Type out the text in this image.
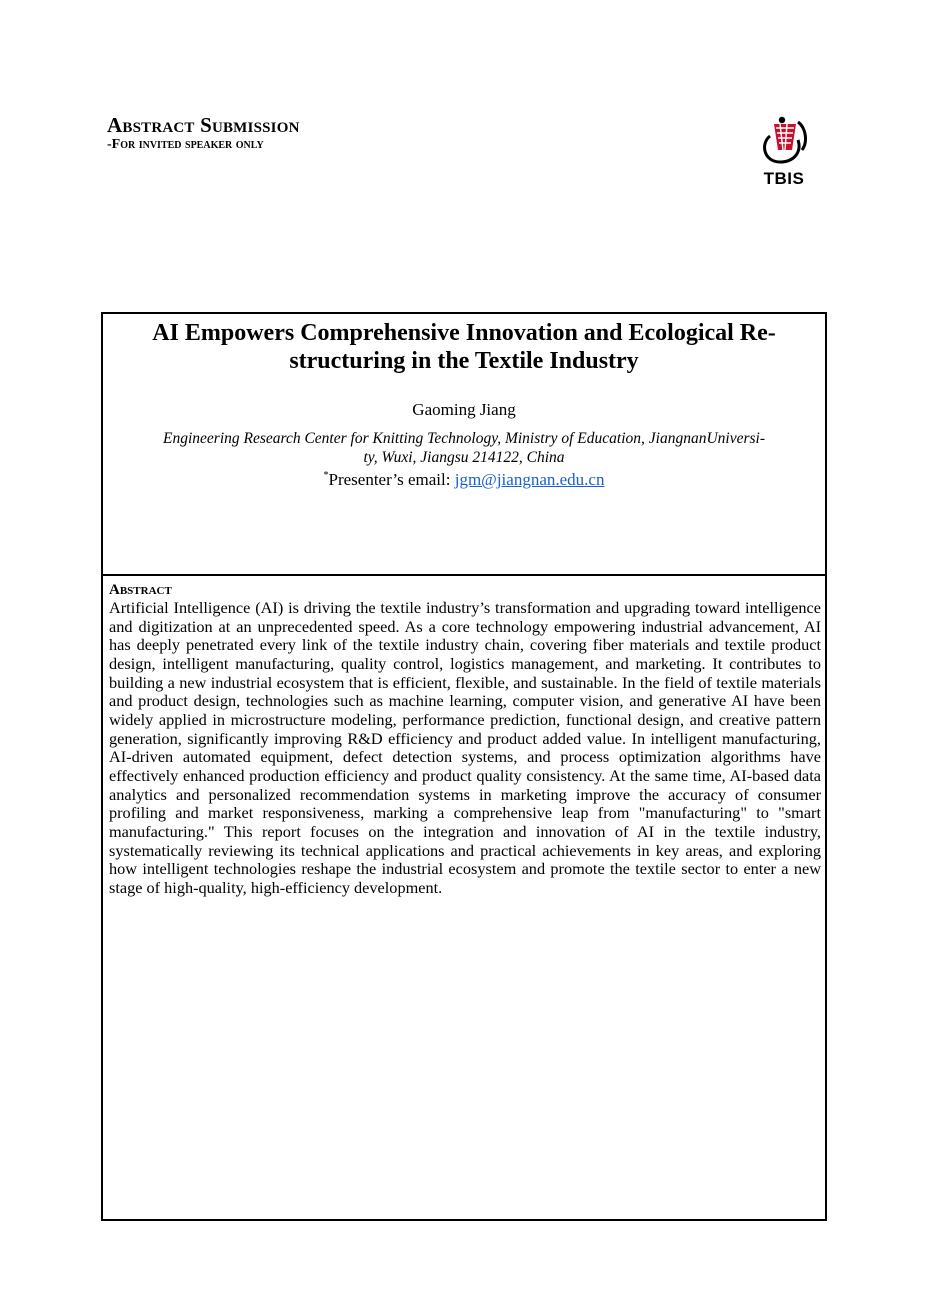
Abstract Submission
-For invited speaker only
TBIS
AI Empowers Comprehensive Innovation and Ecological Re-
structuring in the Textile Industry
Gaoming Jiang
Engineering Research Center for Knitting Technology, Ministry of Education, JiangnanUniversi-
ty, Wuxi, Jiangsu 214122, China
*Presenter’s email: jgm@jiangnan.edu.cn
Abstract
Artificial Intelligence (AI) is driving the textile industry’s transformation and upgrading toward intelligence and digitization at an unprecedented speed. As a core technology empowering industrial advancement, AI has deeply penetrated every link of the textile industry chain, covering fiber materials and textile product design, intelligent manufacturing, quality control, logistics management, and marketing. It contributes to building a new industrial ecosystem that is efficient, flexible, and sustainable. In the field of textile materials and product design, technologies such as machine learning, computer vision, and generative AI have been widely applied in microstructure modeling, performance prediction, functional design, and creative pattern generation, significantly improving R&D efficiency and product added value. In intelligent manufacturing, AI-driven automated equipment, defect detection systems, and process optimization algorithms have effectively enhanced production efficiency and product quality consistency. At the same time, AI-based data analytics and personalized recommendation systems in marketing improve the accuracy of consumer profiling and market responsiveness, marking a comprehensive leap from "manufacturing" to "smart manufacturing." This report focuses on the integration and innovation of AI in the textile industry, systematically reviewing its technical applications and practical achievements in key areas, and exploring how intelligent technologies reshape the industrial ecosystem and promote the textile sector to enter a new stage of high-quality, high-efficiency development.
